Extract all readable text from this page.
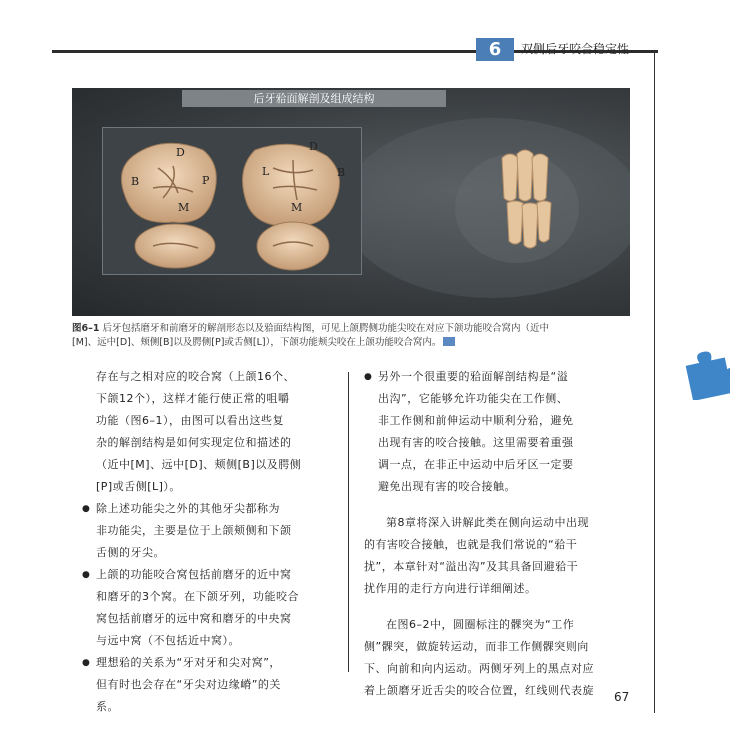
6	双侧后牙咬合稳定性
后牙𬌗面解剖及组成结构
D
B	P
M
D
L	B
M
图6–1 后牙包括磨牙和前磨牙的解剖形态以及𬌗面结构图，可见上颌腭侧功能尖咬在对应下颌功能咬合窝内（近中
[M]、远中[D]、颊侧[B]以及腭侧[P]或舌侧[L]），下颌功能颊尖咬在上颌功能咬合窝内。

存在与之相对应的咬合窝（上颌16个、
下颌12个），这样才能行使正常的咀嚼
功能（图6–1），由图可以看出这些复
杂的解剖结构是如何实现定位和描述的
（近中[M]、远中[D]、颊侧[B]以及腭侧
[P]或舌侧[L]）。

● 除上述功能尖之外的其他牙尖都称为
非功能尖，主要是位于上颌颊侧和下颌
舌侧的牙尖。

● 上颌的功能咬合窝包括前磨牙的近中窝
和磨牙的3个窝。在下颌牙列，功能咬合
窝包括前磨牙的远中窝和磨牙的中央窝
与远中窝（不包括近中窝）。

● 理想𬌗的关系为“牙对牙和尖对窝”，
但有时也会存在“牙尖对边缘嵴”的关
系。

● 另外一个很重要的𬌗面解剖结构是“溢
出沟”，它能够允许功能尖在工作侧、
非工作侧和前伸运动中顺利分𬌗，避免
出现有害的咬合接触。这里需要着重强
调一点，在非正中运动中后牙区一定要
避免出现有害的咬合接触。

第8章将深入讲解此类在侧向运动中出现
的有害咬合接触，也就是我们常说的“𬌗干
扰”，本章针对“溢出沟”及其具备回避𬌗干
扰作用的走行方向进行详细阐述。

在图6–2中，圆圈标注的髁突为“工作
侧”髁突，做旋转运动，而非工作侧髁突则向
下、向前和向内运动。两侧牙列上的黑点对应
着上颌磨牙近舌尖的咬合位置，红线则代表旋	67
